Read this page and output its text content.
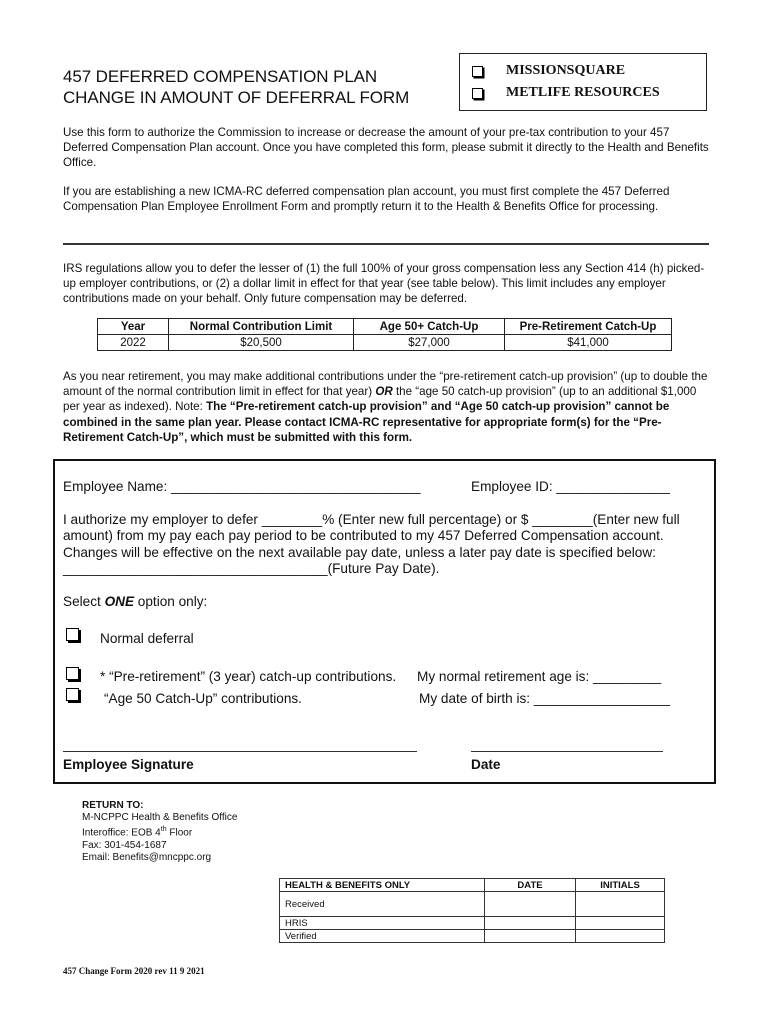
457 DEFERRED COMPENSATION PLAN
CHANGE IN AMOUNT OF DEFERRAL FORM
MISSIONSQUARE
METLIFE RESOURCES
Use this form to authorize the Commission to increase or decrease the amount of your pre-tax contribution to your 457 Deferred Compensation Plan account. Once you have completed this form, please submit it directly to the Health and Benefits Office.
If you are establishing a new ICMA-RC deferred compensation plan account, you must first complete the 457 Deferred Compensation Plan Employee Enrollment Form and promptly return it to the Health & Benefits Office for processing.
IRS regulations allow you to defer the lesser of (1) the full 100% of your gross compensation less any Section 414 (h) picked-up employer contributions, or (2) a dollar limit in effect for that year (see table below). This limit includes any employer contributions made on your behalf. Only future compensation may be deferred.
Year	Normal Contribution Limit	Age 50+ Catch-Up	Pre-Retirement Catch-Up
2022	$20,500	$27,000	$41,000
As you near retirement, you may make additional contributions under the “pre-retirement catch-up provision” (up to double the amount of the normal contribution limit in effect for that year) OR the “age 50 catch-up provision” (up to an additional $1,000 per year as indexed). Note: The “Pre-retirement catch-up provision” and “Age 50 catch-up provision” cannot be combined in the same plan year. Please contact ICMA-RC representative for appropriate form(s) for the “Pre-Retirement Catch-Up”, which must be submitted with this form.
Employee Name: _________________________________	Employee ID: _______________
I authorize my employer to defer ________% (Enter new full percentage) or $ ________(Enter new full
amount) from my pay each pay period to be contributed to my 457 Deferred Compensation account.
Changes will be effective on the next available pay date, unless a later pay date is specified below:
___________________________________(Future Pay Date).
Select ONE option only:
Normal deferral
* “Pre-retirement” (3 year) catch-up contributions. My normal retirement age is: _________
“Age 50 Catch-Up” contributions.	My date of birth is: __________________
Employee Signature	Date
RETURN TO:
M-NCPPC Health & Benefits Office
Interoffice: EOB 4th Floor
Fax: 301-454-1687
Email: Benefits@mncppc.org
HEALTH & BENEFITS ONLY	DATE	INITIALS
Received		
HRIS		
Verified		
457 Change Form 2020 rev 11 9 2021
